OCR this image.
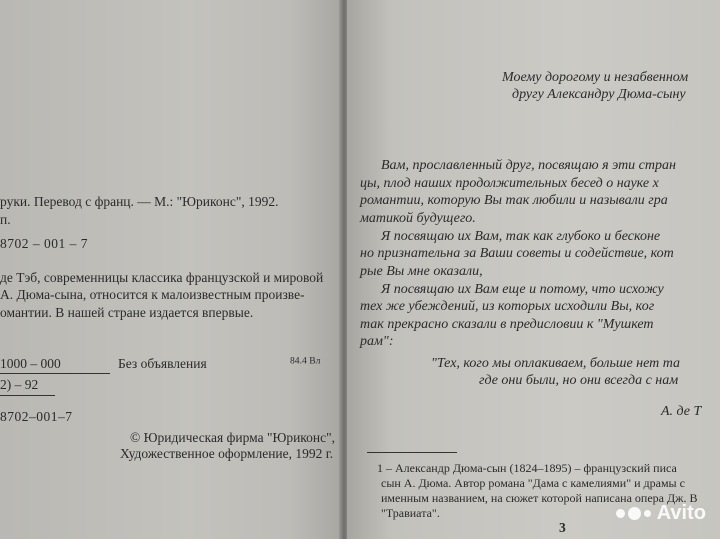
руки. Перевод с франц. — М.: "Юриконс", 1992.
п.
8702 – 001 – 7
де Тэб, современницы классика французской и мировой
А. Дюма-сына, относится к малоизвестным произве-
омантии. В нашей стране издается впервые.
1000 – 000	Без объявления	84.4 Вл
2) – 92
8702–001–7
© Юридическая фирма "Юриконс",
Художественное оформление, 1992 г.
Моему дорогому и незабвенном
другу Александру Дюма-сыну
Вам, прославленный друг, посвящаю я эти стран
цы, плод наших продолжительных бесед о науке х
романтии, которую Вы так любили и называли гра
матикой будущего.
Я посвящаю их Вам, так как глубоко и бесконе
но признательна за Ваши советы и содействие, кот
рые Вы мне оказали,
Я посвящаю их Вам еще и потому, что исхожу
тех же убеждений, из которых исходили Вы, ког
так прекрасно сказали в предисловии к "Мушкет
рам":
"Тех, кого мы оплакиваем, больше нет та
где они были, но они всегда с нам
А. де Т
1 – Александр Дюма-сын (1824–1895) – французский писа
сын А. Дюма. Автор романа "Дама с камелиями" и драмы с
именным названием, на сюжет которой написана опера Дж. В
"Травиата".
3
Avito
